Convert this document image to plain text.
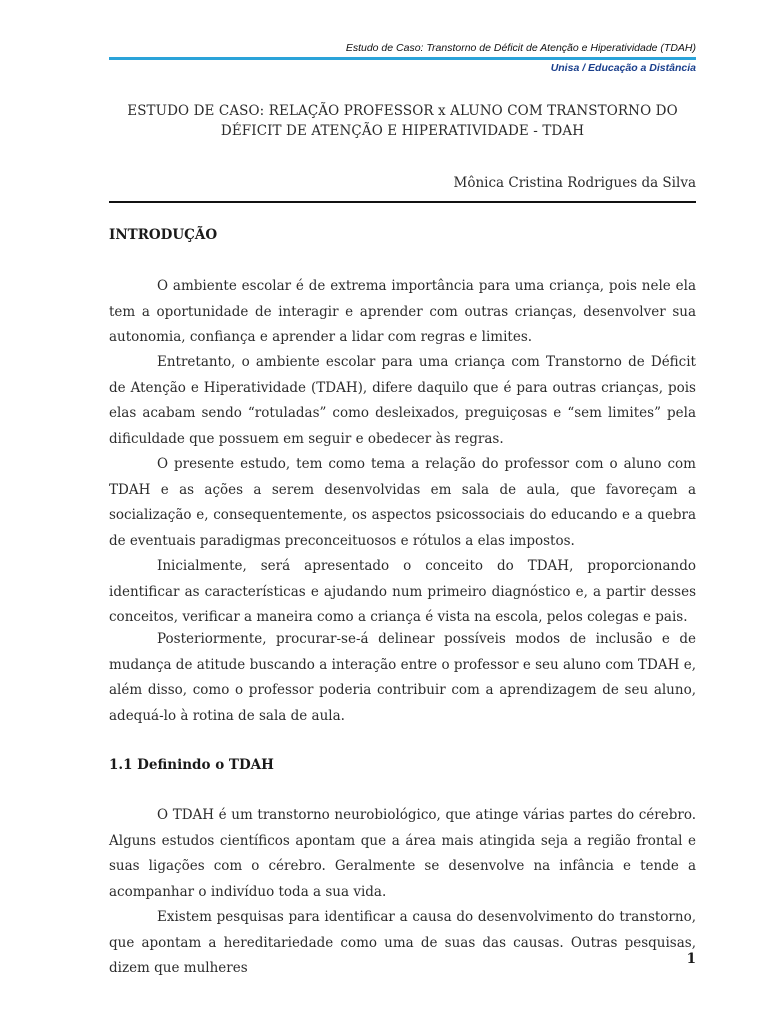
Estudo de Caso: Transtorno de Déficit de Atenção e Hiperatividade (TDAH)
Unisa / Educação a Distância
ESTUDO DE CASO: RELAÇÃO PROFESSOR x ALUNO COM TRANSTORNO DO
DÉFICIT DE ATENÇÃO E HIPERATIVIDADE - TDAH
Mônica Cristina Rodrigues da Silva
INTRODUÇÃO

O ambiente escolar é de extrema importância para uma criança, pois nele ela tem a oportunidade de interagir e aprender com outras crianças, desenvolver sua autonomia, confiança e aprender a lidar com regras e limites.

Entretanto, o ambiente escolar para uma criança com Transtorno de Déficit de Atenção e Hiperatividade (TDAH), difere daquilo que é para outras crianças, pois elas acabam sendo “rotuladas” como desleixados, preguiçosas e “sem limites” pela dificuldade que possuem em seguir e obedecer às regras.

O presente estudo, tem como tema a relação do professor com o aluno com TDAH e as ações a serem desenvolvidas em sala de aula, que favoreçam a socialização e, consequentemente, os aspectos psicossociais do educando e a quebra de eventuais paradigmas preconceituosos e rótulos a elas impostos.

Inicialmente, será apresentado o conceito do TDAH, proporcionando identificar as características e ajudando num primeiro diagnóstico e, a partir desses conceitos, verificar a maneira como a criança é vista na escola, pelos colegas e pais.

Posteriormente, procurar-se-á delinear possíveis modos de inclusão e de mudança de atitude buscando a interação entre o professor e seu aluno com TDAH e, além disso, como o professor poderia contribuir com a aprendizagem de seu aluno, adequá-lo à rotina de sala de aula.

1.1 Definindo o TDAH

O TDAH é um transtorno neurobiológico, que atinge várias partes do cérebro. Alguns estudos científicos apontam que a área mais atingida seja a região frontal e suas ligações com o cérebro. Geralmente se desenvolve na infância e tende a acompanhar o indivíduo toda a sua vida.

Existem pesquisas para identificar a causa do desenvolvimento do transtorno, que apontam a hereditariedade como uma de suas das causas. Outras pesquisas, dizem que mulheres

1
